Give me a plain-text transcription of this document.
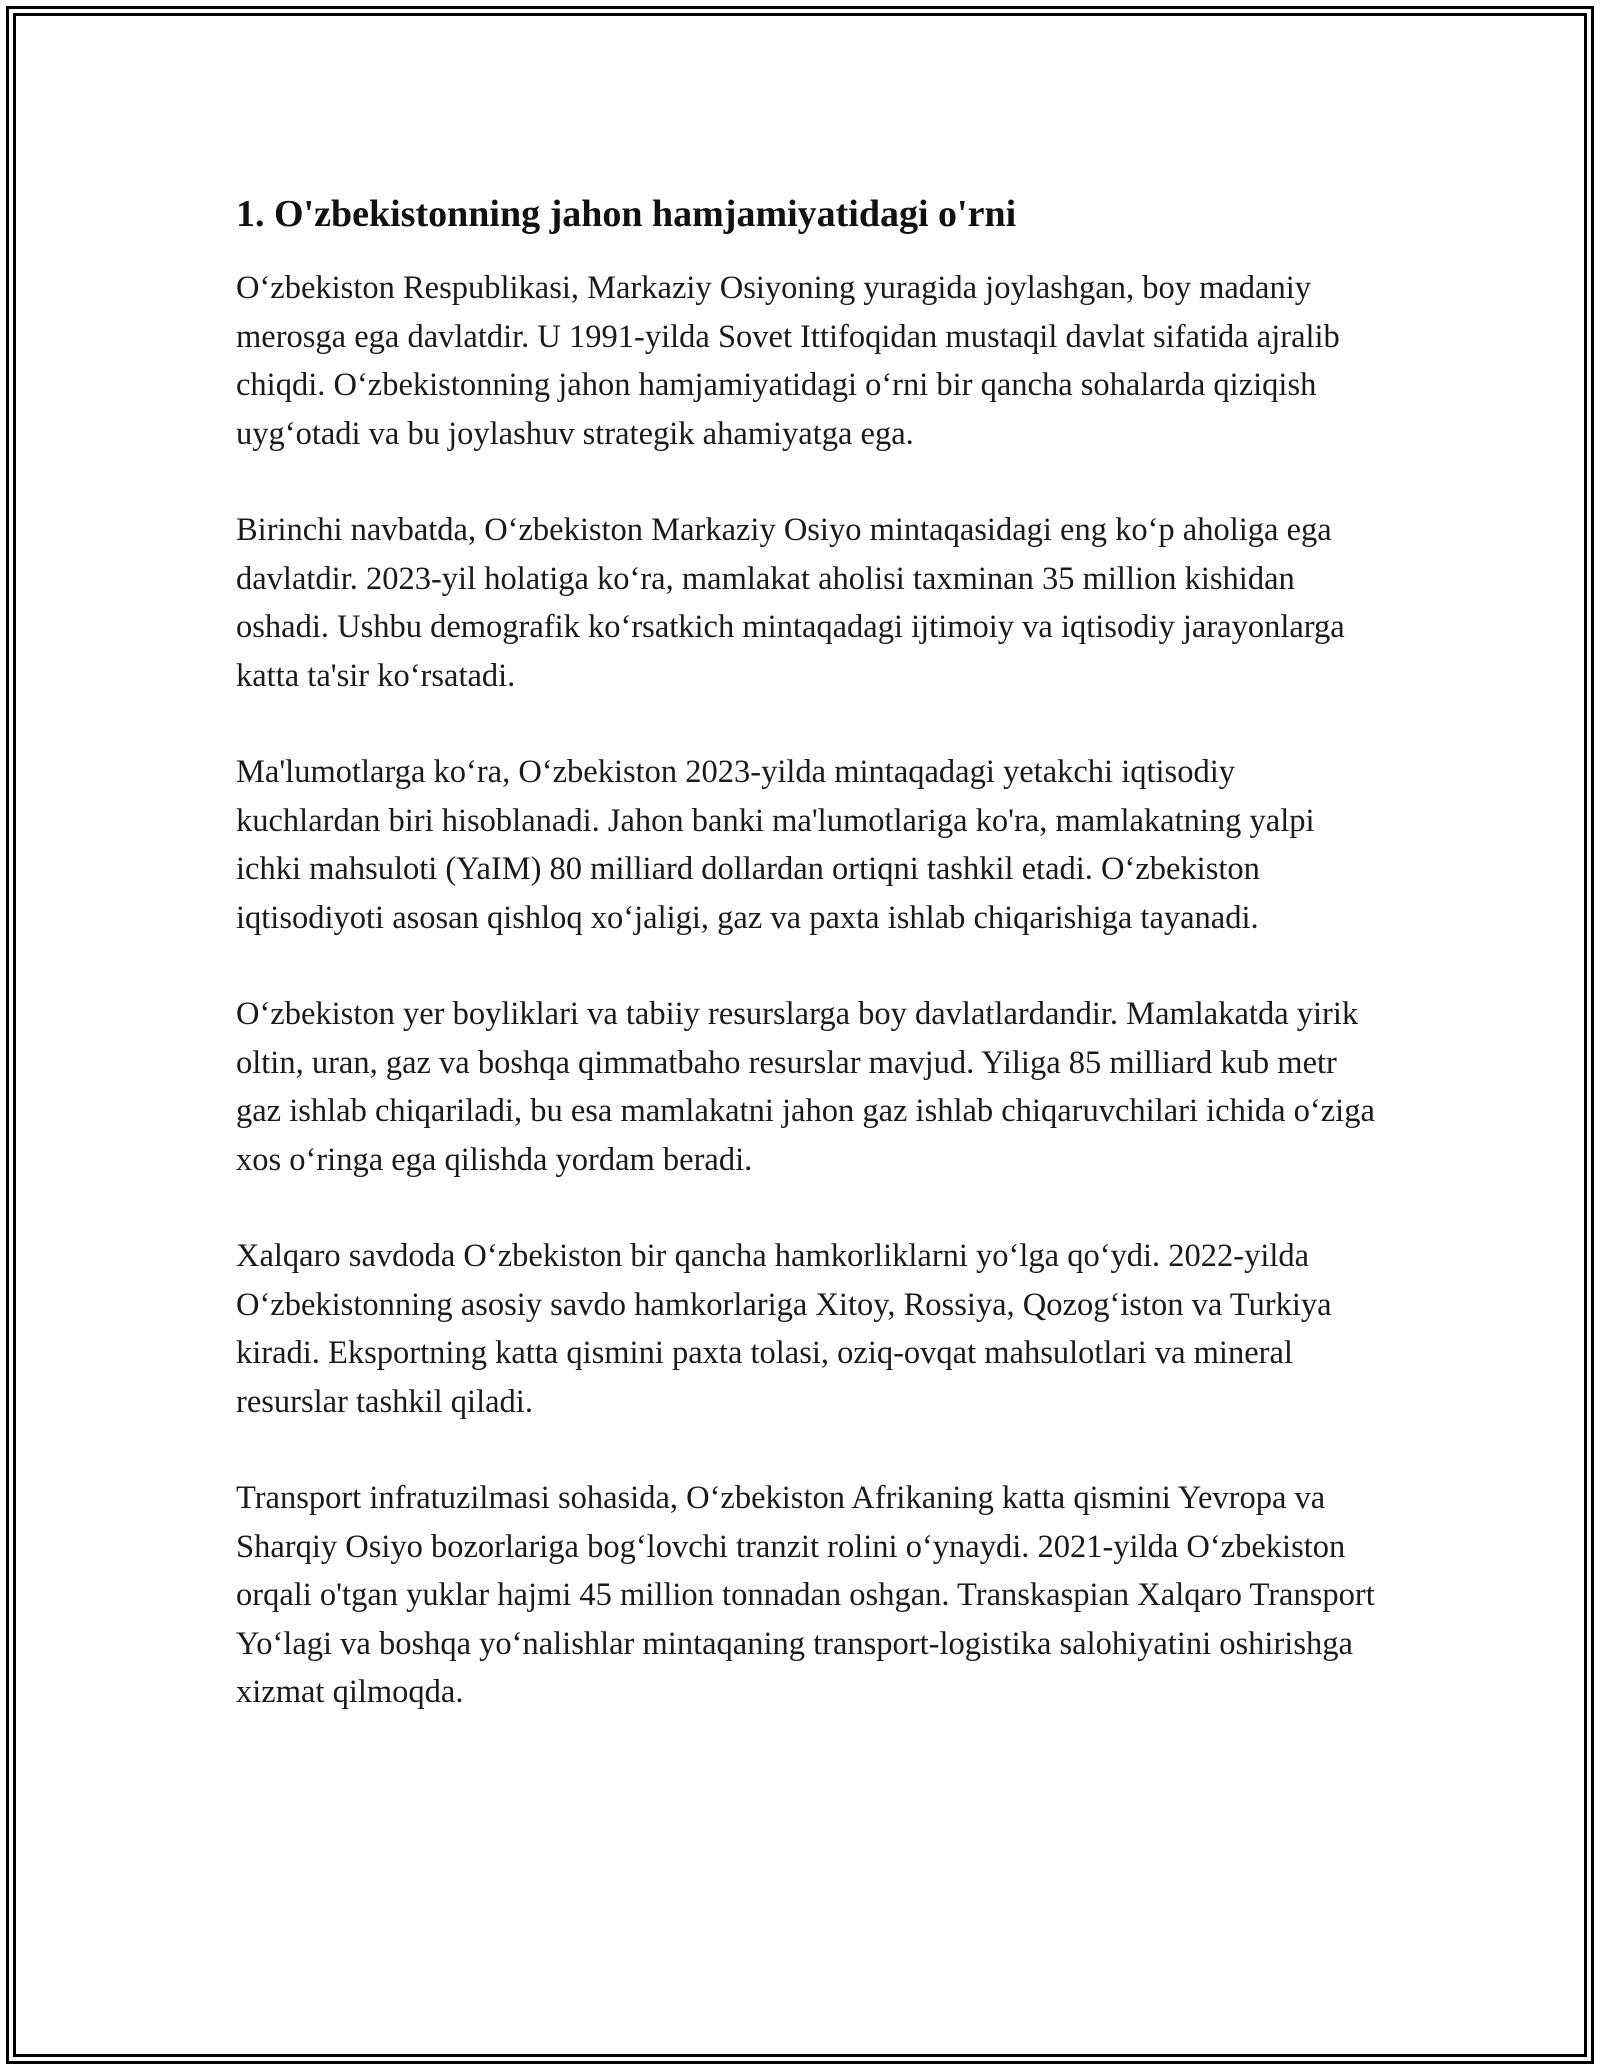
1. O'zbekistonning jahon hamjamiyatidagi o'rni

Oʻzbekiston Respublikasi, Markaziy Osiyoning yuragida joylashgan, boy madaniy merosga ega davlatdir. U 1991-yilda Sovet Ittifoqidan mustaqil davlat sifatida ajralib chiqdi. Oʻzbekistonning jahon hamjamiyatidagi oʻrni bir qancha sohalarda qiziqish uygʻotadi va bu joylashuv strategik ahamiyatga ega.

Birinchi navbatda, Oʻzbekiston Markaziy Osiyo mintaqasidagi eng koʻp aholiga ega davlatdir. 2023-yil holatiga koʻra, mamlakat aholisi taxminan 35 million kishidan oshadi. Ushbu demografik koʻrsatkich mintaqadagi ijtimoiy va iqtisodiy jarayonlarga katta ta'sir koʻrsatadi.

Ma'lumotlarga koʻra, Oʻzbekiston 2023-yilda mintaqadagi yetakchi iqtisodiy kuchlardan biri hisoblanadi. Jahon banki ma'lumotlariga ko'ra, mamlakatning yalpi ichki mahsuloti (YaIM) 80 milliard dollardan ortiqni tashkil etadi. Oʻzbekiston iqtisodiyoti asosan qishloq xoʻjaligi, gaz va paxta ishlab chiqarishiga tayanadi.

Oʻzbekiston yer boyliklari va tabiiy resurslarga boy davlatlardandir. Mamlakatda yirik oltin, uran, gaz va boshqa qimmatbaho resurslar mavjud. Yiliga 85 milliard kub metr gaz ishlab chiqariladi, bu esa mamlakatni jahon gaz ishlab chiqaruvchilari ichida oʻziga xos oʻringa ega qilishda yordam beradi.

Xalqaro savdoda Oʻzbekiston bir qancha hamkorliklarni yoʻlga qoʻydi. 2022-yilda Oʻzbekistonning asosiy savdo hamkorlariga Xitoy, Rossiya, Qozogʻiston va Turkiya kiradi. Eksportning katta qismini paxta tolasi, oziq-ovqat mahsulotlari va mineral resurslar tashkil qiladi.

Transport infratuzilmasi sohasida, Oʻzbekiston Afrikaning katta qismini Yevropa va Sharqiy Osiyo bozorlariga bogʻlovchi tranzit rolini oʻynaydi. 2021-yilda Oʻzbekiston orqali o'tgan yuklar hajmi 45 million tonnadan oshgan. Transkaspian Xalqaro Transport Yoʻlagi va boshqa yoʻnalishlar mintaqaning transport-logistika salohiyatini oshirishga xizmat qilmoqda.
